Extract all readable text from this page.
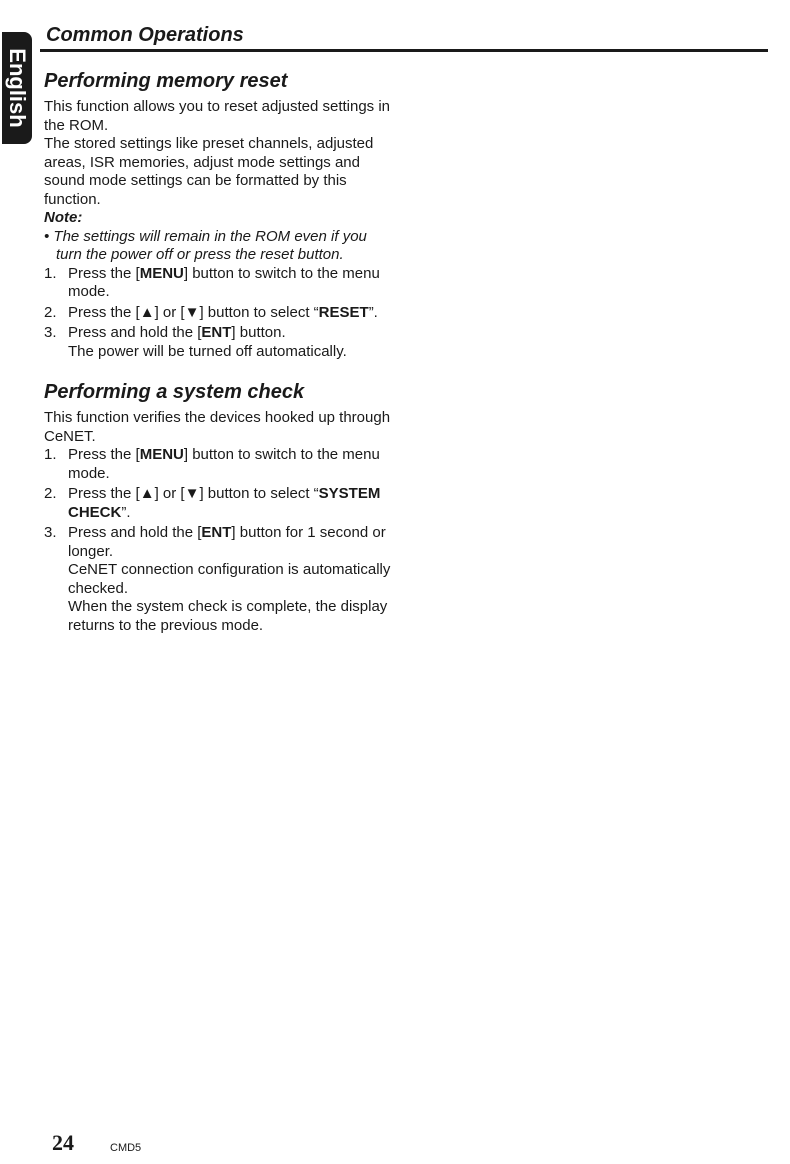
English
Common Operations
Performing memory reset

This function allows you to reset adjusted settings in the ROM.

The stored settings like preset channels, adjusted areas, ISR memories, adjust mode settings and sound mode settings can be formatted by this function.

Note:

• The settings will remain in the ROM even if you turn the power off or press the reset button.

1. Press the [MENU] button to switch to the menu mode.
2. Press the [▲] or [▼] button to select “RESET”.
3. Press and hold the [ENT] button.
The power will be turned off automatically.
Performing a system check

This function verifies the devices hooked up through CeNET.

1. Press the [MENU] button to switch to the menu mode.
2. Press the [▲] or [▼] button to select “SYSTEM CHECK”.
3. Press and hold the [ENT] button for 1 second or longer.
CeNET connection configuration is automatically checked.
When the system check is complete, the display returns to the previous mode.

24	CMD5
